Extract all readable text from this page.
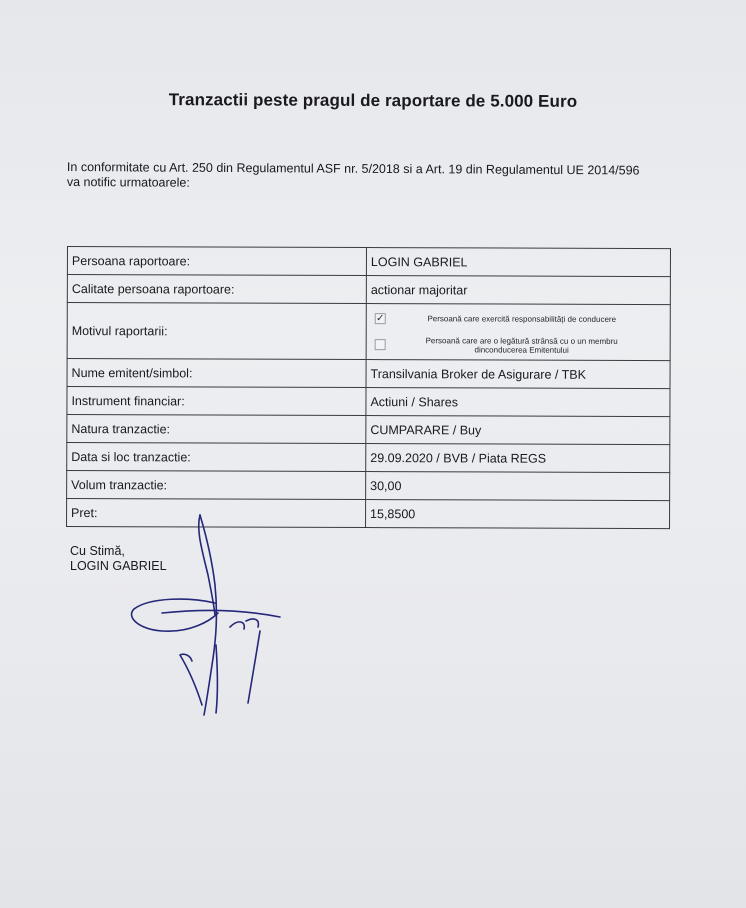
Tranzactii peste pragul de raportare de 5.000 Euro
In conformitate cu Art. 250 din Regulamentul ASF nr. 5/2018 si a Art. 19 din Regulamentul UE 2014/596
va notific urmatoarele:
Persoana raportoare:	LOGIN GABRIEL
Calitate persoana raportoare:	actionar majoritar
Motivul raportarii:	✓ Persoană care exercită responsabilități de conducere
Persoană care are o legătură strânsă cu o un membru
dinconducerea Emitentului

Nume emitent/simbol:	Transilvania Broker de Asigurare / TBK
Instrument financiar:	Actiuni / Shares
Natura tranzactie:	CUMPARARE / Buy
Data si loc tranzactie:	29.09.2020 / BVB / Piata REGS
Volum tranzactie:	30,00
Pret:	15,8500
Cu Stimă,
LOGIN GABRIEL
